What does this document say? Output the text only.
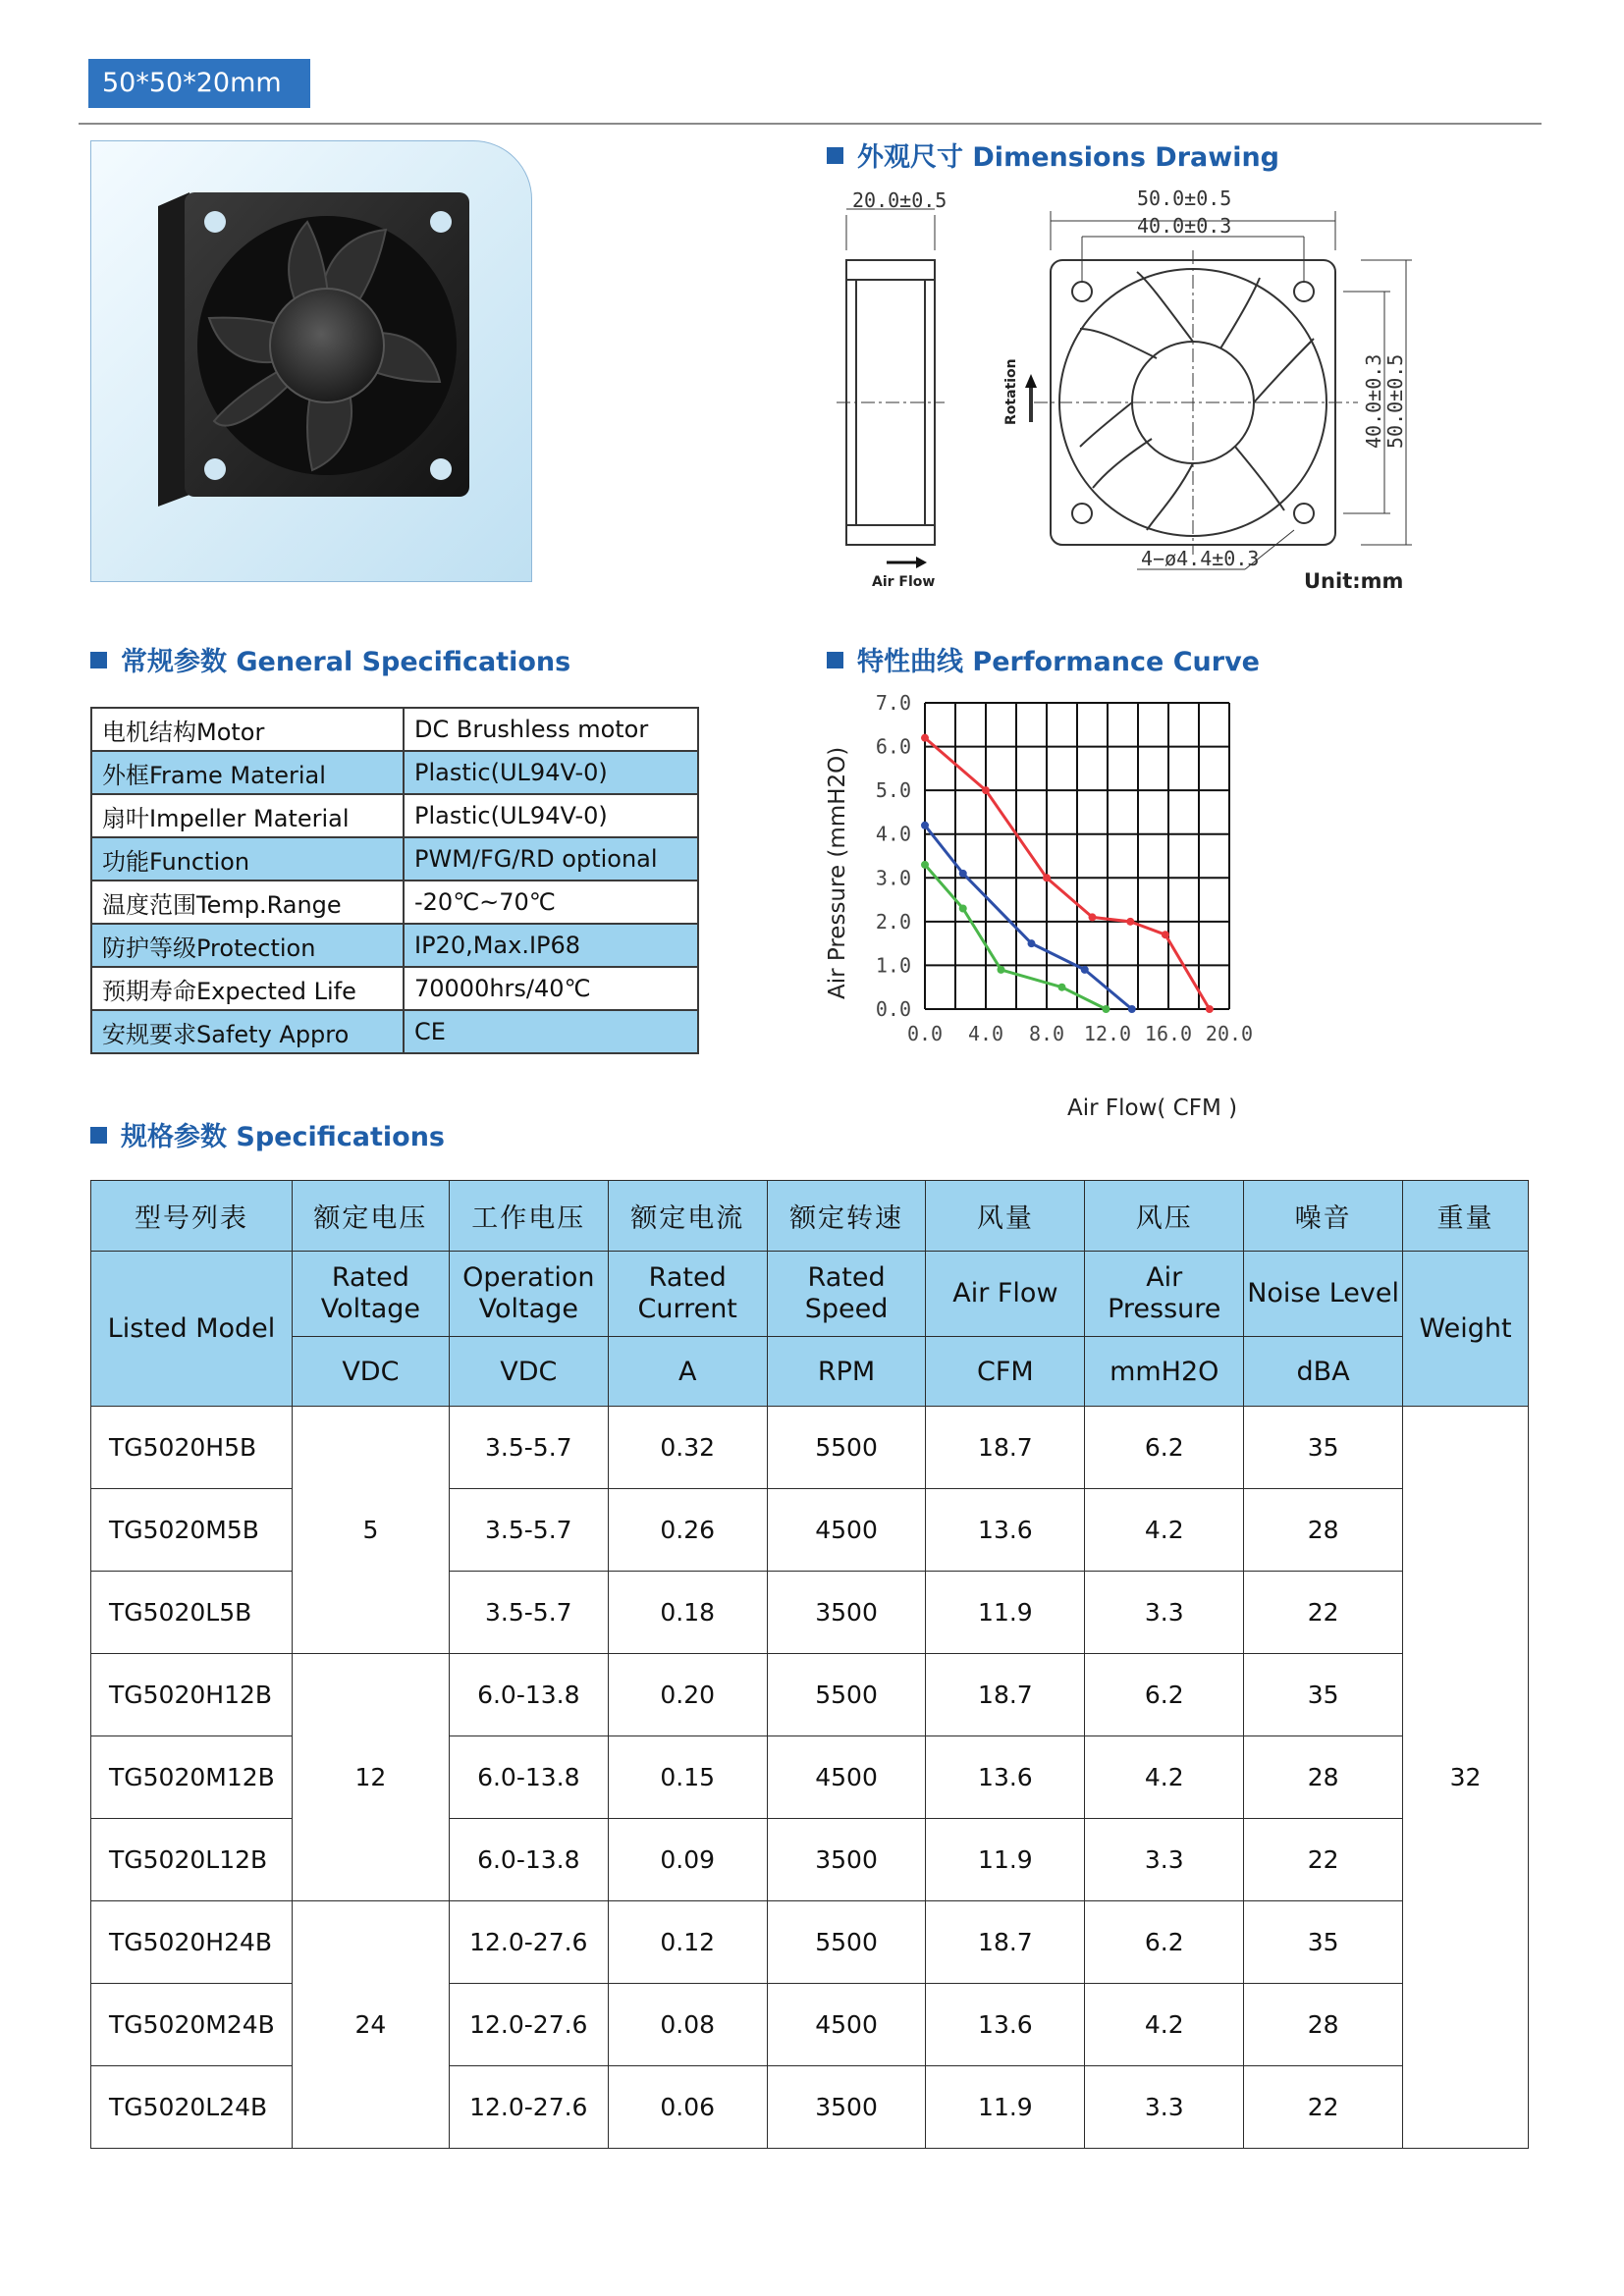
50*50*20mm
外观尺寸 Dimensions Drawing
20.0±0.5
Air Flow
50.0±0.5
40.0±0.3
4−ø4.4±0.3
40.0±0.3
50.0±0.5
Rotation
Unit:mm
常规参数 General Specifications
电机结构Motor	DC Brushless motor
外框Frame Material	Plastic(UL94V-0)
扇叶Impeller Material	Plastic(UL94V-0)
功能Function	PWM/FG/RD optional
温度范围Temp.Range	-20℃~70℃
防护等级Protection	IP20,Max.IP68
预期寿命Expected Life	70000hrs/40℃
安规要求Safety Appro	CE
特性曲线 Performance Curve
0.0
1.0
2.0
3.0
4.0
5.0
6.0
7.0
0.0 4.0 8.0 12.0 16.0 20.0
Air Pressure (mmH2O)
Air Flow( CFM )
规格参数 Specifications
型号列表	额定电压	工作电压	额定电流	额定转速	风量	风压	噪音	重量
Listed Model	Rated Voltage	Operation Voltage	Rated Current	Rated Speed	Air Flow	Air Pressure	Noise Level	Weight
	VDC	VDC	A	RPM	CFM	mmH2O	dBA	
TG5020H5B	5	3.5-5.7	0.32	5500	18.7	6.2	35	32
TG5020M5B		3.5-5.7	0.26	4500	13.6	4.2	28	
TG5020L5B		3.5-5.7	0.18	3500	11.9	3.3	22	
TG5020H12B	12	6.0-13.8	0.20	5500	18.7	6.2	35	
TG5020M12B		6.0-13.8	0.15	4500	13.6	4.2	28	
TG5020L12B		6.0-13.8	0.09	3500	11.9	3.3	22	
TG5020H24B	24	12.0-27.6	0.12	5500	18.7	6.2	35	
TG5020M24B		12.0-27.6	0.08	4500	13.6	4.2	28	
TG5020L24B		12.0-27.6	0.06	3500	11.9	3.3	22	
